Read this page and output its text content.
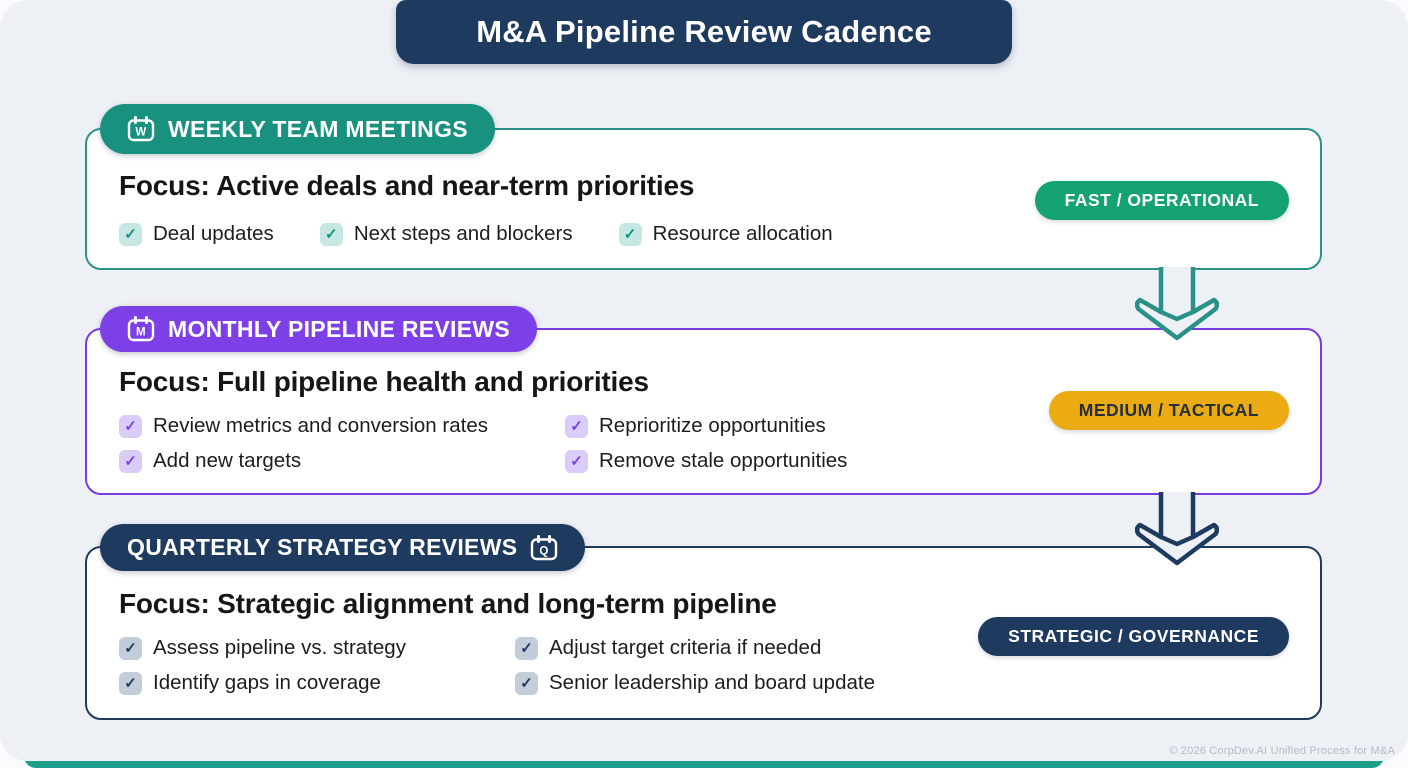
M&A Pipeline Review Cadence
Focus: Active deals and near-term priorities
✓ Deal updates	✓ Next steps and blockers	✓ Resource allocation
W WEEKLY TEAM MEETINGS
FAST / OPERATIONAL
Focus: Full pipeline health and priorities
✓ Review metrics and conversion rates	✓ Reprioritize opportunities
✓ Add new targets	✓ Remove stale opportunities
M MONTHLY PIPELINE REVIEWS
MEDIUM / TACTICAL
Focus: Strategic alignment and long-term pipeline
✓ Assess pipeline vs. strategy	✓ Adjust target criteria if needed
✓ Identify gaps in coverage	✓ Senior leadership and board update
QUARTERLY STRATEGY REVIEWS Q
STRATEGIC / GOVERNANCE
© 2026 CorpDev.AI Unified Process for M&A
